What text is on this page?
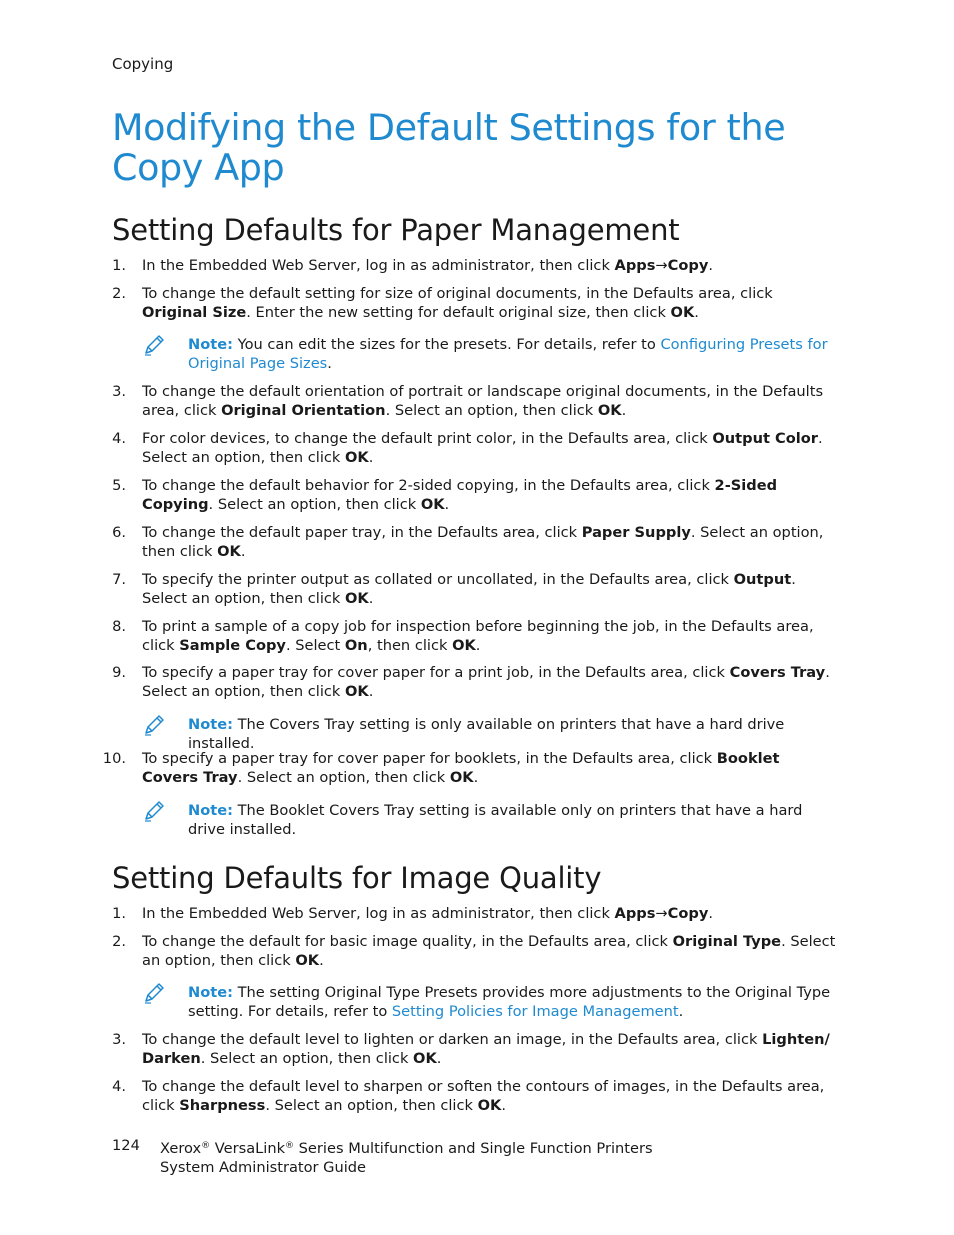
Copying
Modifying the Default Settings for the Copy App
Setting Defaults for Paper Management
1. In the Embedded Web Server, log in as administrator, then click Apps→Copy.
2. To change the default setting for size of original documents, in the Defaults area, click Original Size. Enter the new setting for default original size, then click OK.
Note: You can edit the sizes for the presets. For details, refer to Configuring Presets for Original Page Sizes.
3. To change the default orientation of portrait or landscape original documents, in the Defaults area, click Original Orientation. Select an option, then click OK.
4. For color devices, to change the default print color, in the Defaults area, click Output Color. Select an option, then click OK.
5. To change the default behavior for 2-sided copying, in the Defaults area, click 2-Sided Copying. Select an option, then click OK.
6. To change the default paper tray, in the Defaults area, click Paper Supply. Select an option, then click OK.
7. To specify the printer output as collated or uncollated, in the Defaults area, click Output. Select an option, then click OK.
8. To print a sample of a copy job for inspection before beginning the job, in the Defaults area, click Sample Copy. Select On, then click OK.
9. To specify a paper tray for cover paper for a print job, in the Defaults area, click Covers Tray. Select an option, then click OK.
Note: The Covers Tray setting is only available on printers that have a hard drive installed.
10. To specify a paper tray for cover paper for booklets, in the Defaults area, click Booklet Covers Tray. Select an option, then click OK.
Note: The Booklet Covers Tray setting is available only on printers that have a hard drive installed.
Setting Defaults for Image Quality
1. In the Embedded Web Server, log in as administrator, then click Apps→Copy.
2. To change the default for basic image quality, in the Defaults area, click Original Type. Select an option, then click OK.
Note: The setting Original Type Presets provides more adjustments to the Original Type setting. For details, refer to Setting Policies for Image Management.
3. To change the default level to lighten or darken an image, in the Defaults area, click Lighten/ Darken. Select an option, then click OK.
4. To change the default level to sharpen or soften the contours of images, in the Defaults area, click Sharpness. Select an option, then click OK.
124 Xerox® VersaLink® Series Multifunction and Single Function Printers
System Administrator Guide
